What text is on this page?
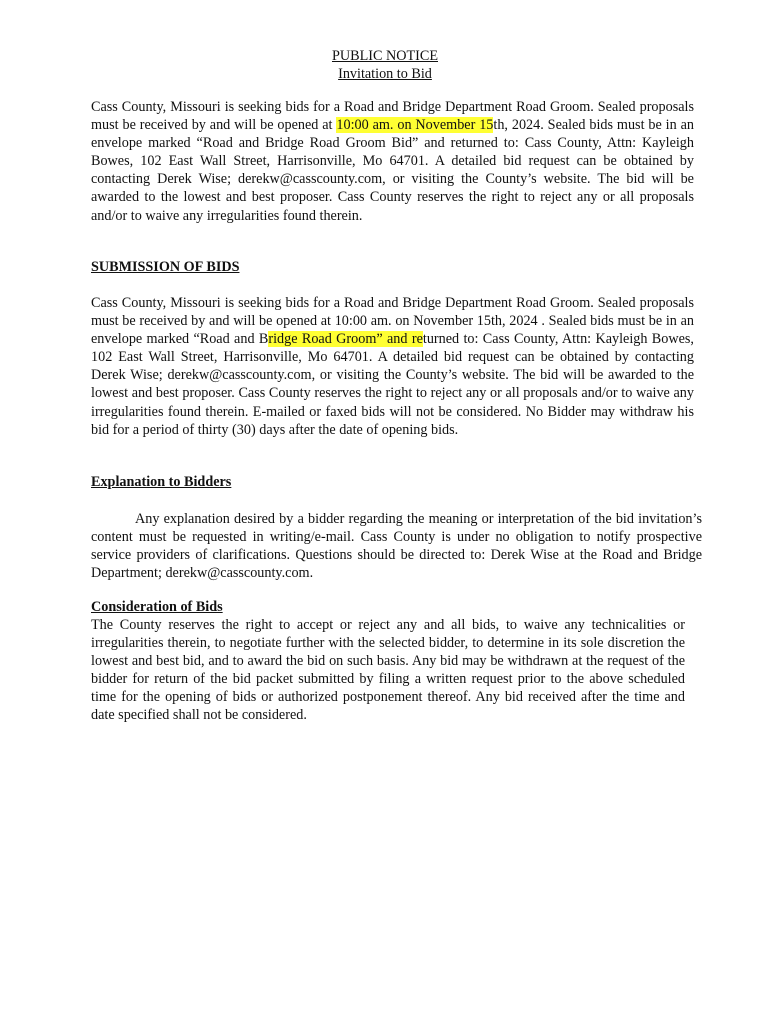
PUBLIC NOTICE
Invitation to Bid

Cass County, Missouri is seeking bids for a Road and Bridge Department Road Groom. Sealed proposals must be received by and will be opened at 10:00 am. on November 15th, 2024. Sealed bids must be in an envelope marked “Road and Bridge Road Groom Bid” and returned to: Cass County, Attn: Kayleigh Bowes, 102 East Wall Street, Harrisonville, Mo 64701. A detailed bid request can be obtained by contacting Derek Wise; derekw@casscounty.com, or visiting the County’s website. The bid will be awarded to the lowest and best proposer. Cass County reserves the right to reject any or all proposals and/or to waive any irregularities found therein.

SUBMISSION OF BIDS

Cass County, Missouri is seeking bids for a Road and Bridge Department Road Groom. Sealed proposals must be received by and will be opened at 10:00 am. on November 15th, 2024 . Sealed bids must be in an envelope marked “Road and Bridge Road Groom” and returned to: Cass County, Attn: Kayleigh Bowes, 102 East Wall Street, Harrisonville, Mo 64701. A detailed bid request can be obtained by contacting Derek Wise; derekw@casscounty.com, or visiting the County’s website. The bid will be awarded to the lowest and best proposer. Cass County reserves the right to reject any or all proposals and/or to waive any irregularities found therein. E-mailed or faxed bids will not be considered. No Bidder may withdraw his bid for a period of thirty (30) days after the date of opening bids.

Explanation to Bidders

Any explanation desired by a bidder regarding the meaning or interpretation of the bid invitation’s content must be requested in writing/e-mail. Cass County is under no obligation to notify prospective service providers of clarifications. Questions should be directed to: Derek Wise at the Road and Bridge Department; derekw@casscounty.com.

Consideration of Bids

The County reserves the right to accept or reject any and all bids, to waive any technicalities or irregularities therein, to negotiate further with the selected bidder, to determine in its sole discretion the lowest and best bid, and to award the bid on such basis. Any bid may be withdrawn at the request of the bidder for return of the bid packet submitted by filing a written request prior to the above scheduled time for the opening of bids or authorized postponement thereof. Any bid received after the time and date specified shall not be considered.
